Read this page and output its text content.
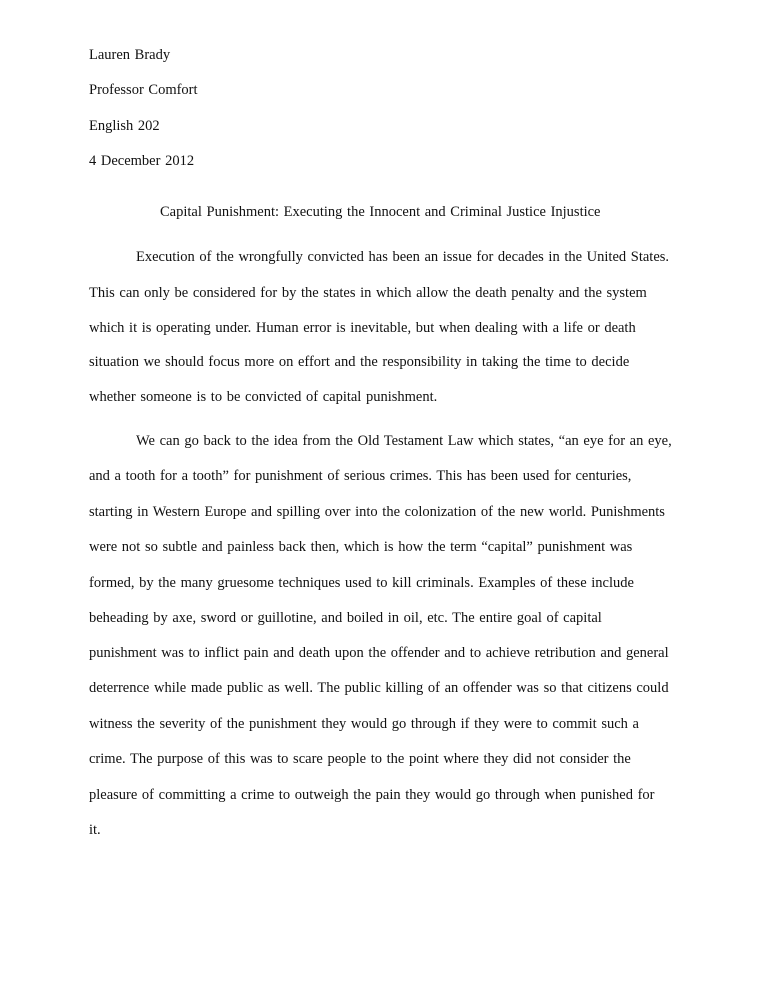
Lauren Brady
Professor Comfort
English 202
4 December 2012
Capital Punishment: Executing the Innocent and Criminal Justice Injustice
Execution of the wrongfully convicted has been an issue for decades in the United States.
This can only be considered for by the states in which allow the death penalty and the system
which it is operating under. Human error is inevitable, but when dealing with a life or death
situation we should focus more on effort and the responsibility in taking the time to decide
whether someone is to be convicted of capital punishment.
We can go back to the idea from the Old Testament Law which states, “an eye for an eye,
and a tooth for a tooth” for punishment of serious crimes. This has been used for centuries,
starting in Western Europe and spilling over into the colonization of the new world. Punishments
were not so subtle and painless back then, which is how the term “capital” punishment was
formed, by the many gruesome techniques used to kill criminals. Examples of these include
beheading by axe, sword or guillotine, and boiled in oil, etc. The entire goal of capital
punishment was to inflict pain and death upon the offender and to achieve retribution and general
deterrence while made public as well. The public killing of an offender was so that citizens could
witness the severity of the punishment they would go through if they were to commit such a
crime. The purpose of this was to scare people to the point where they did not consider the
pleasure of committing a crime to outweigh the pain they would go through when punished for
it.
